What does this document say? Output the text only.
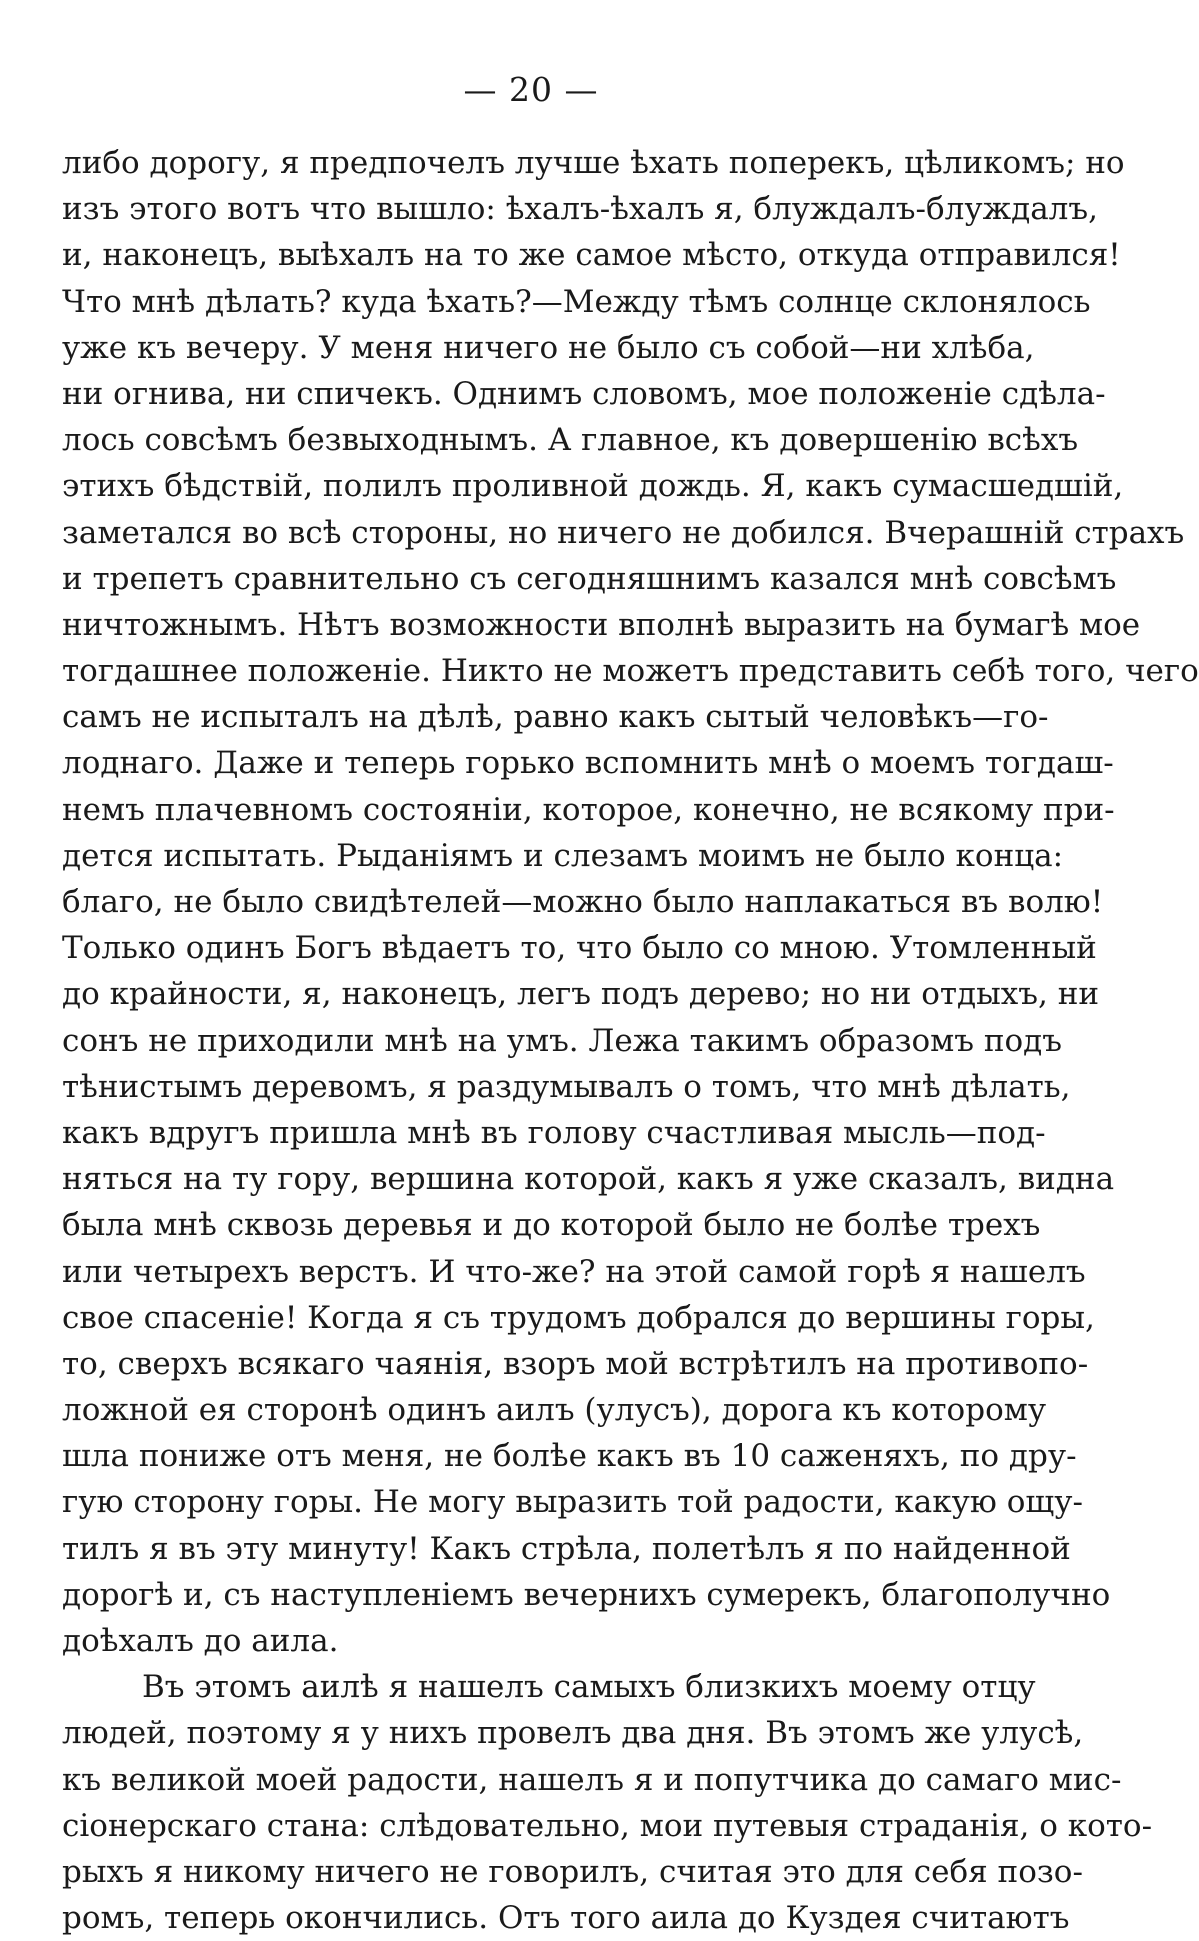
— 20 —
либо дорогу, я предпочелъ лучше ѣхать поперекъ, цѣликомъ; но
изъ этого вотъ что вышло: ѣхалъ-ѣхалъ я, блуждалъ-блуждалъ,
и, наконецъ, выѣхалъ на то же самое мѣсто, откуда отправился!
Что мнѣ дѣлать? куда ѣхать?—Между тѣмъ солнце склонялось
уже къ вечеру. У меня ничего не было съ собой—ни хлѣба,
ни огнива, ни спичекъ. Однимъ словомъ, мое положеніе сдѣла-
лось совсѣмъ безвыходнымъ. А главное, къ довершенію всѣхъ
этихъ бѣдствій, полилъ проливной дождь. Я, какъ сумасшедшій,
заметался во всѣ стороны, но ничего не добился. Вчерашній страхъ
и трепетъ сравнительно съ сегодняшнимъ казался мнѣ совсѣмъ
ничтожнымъ. Нѣтъ возможности вполнѣ выразить на бумагѣ мое
тогдашнее положеніе. Никто не можетъ представить себѣ того, чего
самъ не испыталъ на дѣлѣ, равно какъ сытый человѣкъ—го-
лоднаго. Даже и теперь горько вспомнить мнѣ о моемъ тогдаш-
немъ плачевномъ состояніи, которое, конечно, не всякому при-
дется испытать. Рыданіямъ и слезамъ моимъ не было конца:
благо, не было свидѣтелей—можно было наплакаться въ волю!
Только одинъ Богъ вѣдаетъ то, что было со мною. Утомленный
до крайности, я, наконецъ, легъ подъ дерево; но ни отдыхъ, ни
сонъ не приходили мнѣ на умъ. Лежа такимъ образомъ подъ
тѣнистымъ деревомъ, я раздумывалъ о томъ, что мнѣ дѣлать,
какъ вдругъ пришла мнѣ въ голову счастливая мысль—под-
няться на ту гору, вершина которой, какъ я уже сказалъ, видна
была мнѣ сквозь деревья и до которой было не болѣе трехъ
или четырехъ верстъ. И что-же? на этой самой горѣ я нашелъ
свое спасеніе! Когда я съ трудомъ добрался до вершины горы,
то, сверхъ всякаго чаянія, взоръ мой встрѣтилъ на противопо-
ложной ея сторонѣ одинъ аилъ (улусъ), дорога къ которому
шла пониже отъ меня, не болѣе какъ въ 10 саженяхъ, по дру-
гую сторону горы. Не могу выразить той радости, какую ощу-
тилъ я въ эту минуту! Какъ стрѣла, полетѣлъ я по найденной
дорогѣ и, съ наступленіемъ вечернихъ сумерекъ, благополучно
доѣхалъ до аила.
Въ этомъ аилѣ я нашелъ самыхъ близкихъ моему отцу
людей, поэтому я у нихъ провелъ два дня. Въ этомъ же улусѣ,
къ великой моей радости, нашелъ я и попутчика до самаго мис-
сіонерскаго стана: слѣдовательно, мои путевыя страданія, о кото-
рыхъ я никому ничего не говорилъ, считая это для себя позо-
ромъ, теперь окончились. Отъ того аила до Куздея считаютъ
